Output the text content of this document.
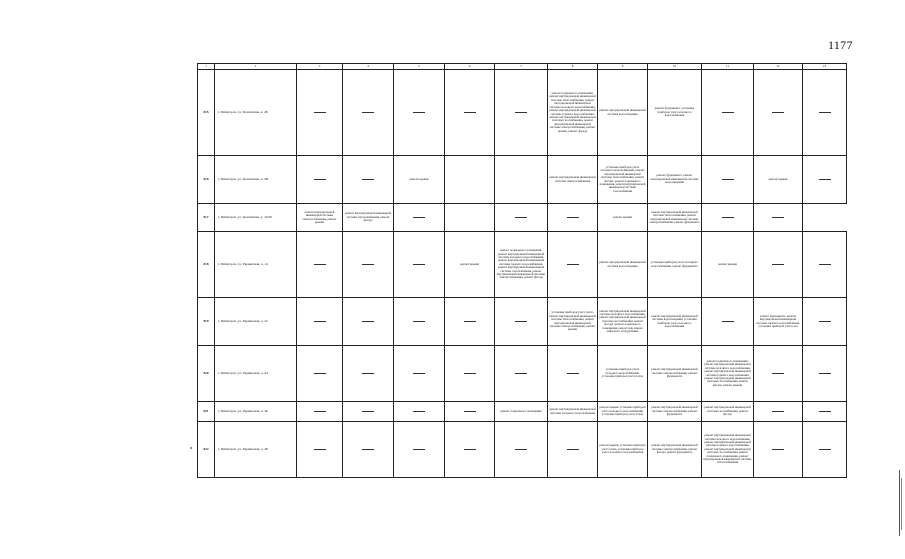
1177
1	2	3	4	5	6	7	8	9	10	11	12	13
815	г. Пятигорск, ул. Транзитная, д. 2Б						ремонт подвального помещения, ремонт внутридомовой инженерной системы теплоснабжения, ремонт внутридомовой инженерной системы холодного водоснабжения, ремонт внутридомовой инженерной системы горячего водоснабжения, ремонт внутридомовой инженерной системы газоснабжения, ремонт внутридомовой инженерной системы электроснабжения, ремонт крыши, ремонт фасада	ремонт внутридомовой инженерной системы водоотведения	ремонт фундамента, установка приборов учета холодного водоснабжения			
816	г. Пятигорск, ул. Транзитная, д. 2В			ремонт крыши			ремонт внутридомовой инженерной системы электроснабжения	установка приборов учета холодного водоснабжения, ремонт внутридомовой инженерной системы теплоснабжения, ремонт фасада, ремонт подвального помещения, ремонт внутридомовой инженерной системы газоснабжения	ремонт фундамента, ремонт внутридомовой инженерной системы водоотведения		ремонт крыши	
817	г. Пятигорск, ул. Транзитная, д. 10/26	ремонт внутридомовой инженерной системы электроснабжения, ремонт крыши	ремонт внутридомовой инженерной системы теплоснабжения, ремонт фасада					ремонт крыши	ремонт внутридомовой инженерной системы теплоснабжения, ремонт внутридомовой инженерной системы электроснабжения, ремонт фундамента			
818	г. Пятигорск, ул. Украинская, д. 14				ремонт крыши	ремонт подвального помещения, ремонт внутридомовой инженерной системы холодного водоснабжения, ремонт внутридомовой инженерной системы горячего водоснабжения, ремонт внутридомовой инженерной системы газоснабжения, ремонт внутридомовой инженерной системы электроснабжения, ремонт фасада		ремонт внутридомовой инженерной системы водоотведения	установка приборов учета холодного водоснабжения, ремонт фундамента	ремонт крыши		
819	г. Пятигорск, ул. Украинская, д. 22						установка приборов учета тепла, ремонт внутридомовой инженерной системы теплоснабжения, ремонт внутридомовой инженерной системы электроснабжения, ремонт крыши	ремонт внутридомовой инженерной системы холодного водоснабжения, ремонт внутридомовой инженерной системы газоснабжения, ремонт фасада, ремонт подвального помещения, ремонт или замена лифтового оборудования	ремонт внутридомовой инженерной системы водоотведения, установка приборов учета холодного водоснабжения		ремонт фундамента, ремонт внутридомовой инженерной системы горячего водоснабжения, установка приборов учета газа	
820	г. Пятигорск, ул. Украинская, д. 44							установка приборов учета холодного водоснабжения, установка приборов учета тепла	ремонт внутридомовой инженерной системы электроснабжения, ремонт фундамента	ремонт подвального помещения, ремонт внутридомовой инженерной системы холодного водоснабжения, ремонт внутридомовой инженерной системы горячего водоснабжения, ремонт внутридомовой инженерной системы газоснабжения, ремонт фасада, ремонт крыши		
821	г. Пятигорск, ул. Украинская, д. 46					ремонт подвального помещения	ремонт внутридомовой инженерной системы холодного водоснабжения	ремонт крыши, установка приборов учета холодного водоснабжения, установка приборов учета тепла	ремонт внутридомовой инженерной системы электроснабжения, ремонт фундамента	ремонт внутридомовой инженерной системы газоснабжения, ремонт фасада		
822	г. Пятигорск, ул. Украинская, д. 48							ремонт крыши, установка приборов учета тепла, установка приборов учета холодного водоснабжения	ремонт внутридомовой инженерной системы электроснабжения, ремонт фасада, ремонт фундамента	ремонт внутридомовой инженерной системы холодного водоснабжения, ремонт внутридомовой инженерной системы горячего водоснабжения, ремонт внутридомовой инженерной системы газоснабжения, ремонт подвального помещения, ремонт внутридомовой инженерной системы теплоснабжения		
